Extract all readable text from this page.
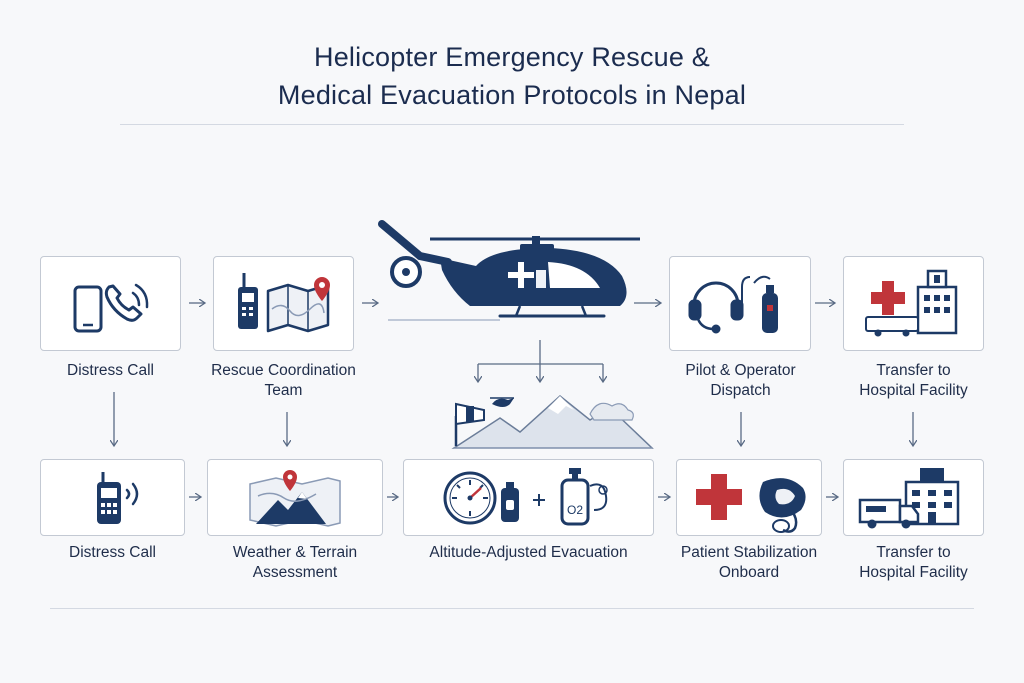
Helicopter Emergency Rescue &
Medical Evacuation Protocols in Nepal
Distress Call	Rescue Coordination
Team
Pilot & Operator
Dispatch
Transfer to
Hospital Facility
Distress Call	Weather & Terrain
Assessment
O2
Altitude-Adjusted Evacuation	Patient Stabilization
Onboard
Transfer to
Hospital Facility
